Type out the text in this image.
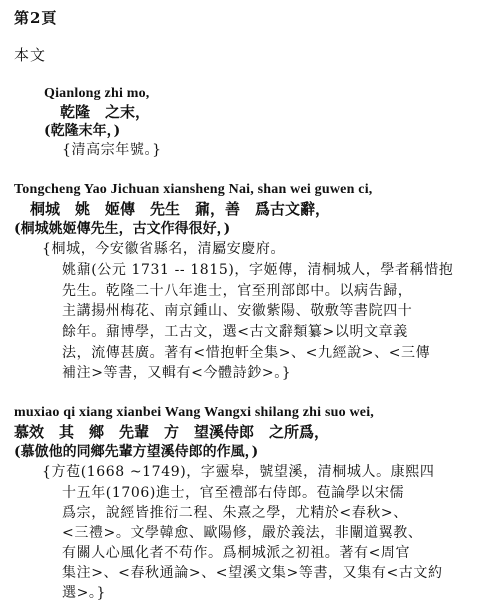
第2頁
本文
Qianlong zhi mo,
乾隆　之末，
(乾隆末年，)
{清高宗年號。}
Tongcheng Yao Jichuan xiansheng Nai, shan wei guwen ci,
桐城　姚　姬傳　先生　鼐，善　爲古文辭，
(桐城姚姬傳先生，古文作得很好，)
{桐城，今安徽省縣名，清屬安慶府。
姚鼐(公元 1731 -- 1815)，字姬傳，清桐城人，學者稱惜抱
先生。乾隆二十八年進士，官至刑部郎中。以病告歸，
主講揚州梅花、南京鍾山、安徽紫陽、敬敷等書院四十
餘年。鼐博學，工古文，選<古文辭類纂>以明文章義
法，流傳甚廣。著有<惜抱軒全集>、<九經說>、<三傳
補注>等書，又輯有<今體詩鈔>。}
muxiao qi xiang xianbei Wang Wangxi shilang zhi suo wei,
慕效　其　鄉　先輩　方　望溪侍郎　之所爲，
(慕倣他的同鄉先輩方望溪侍郎的作風，)
{方苞(1668 ~1749)，字靈皋，號望溪，清桐城人。康熙四
十五年(1706)進士，官至禮部右侍郎。苞論學以宋儒
爲宗，說經皆推衍二程、朱熹之學，尤精於<春秋>、
<三禮>。文學韓愈、歐陽修，嚴於義法，非闡道翼教、
有關人心風化者不苟作。爲桐城派之初祖。著有<周官
集注>、<春秋通論>、<望溪文集>等書，又集有<古文約
選>。}
